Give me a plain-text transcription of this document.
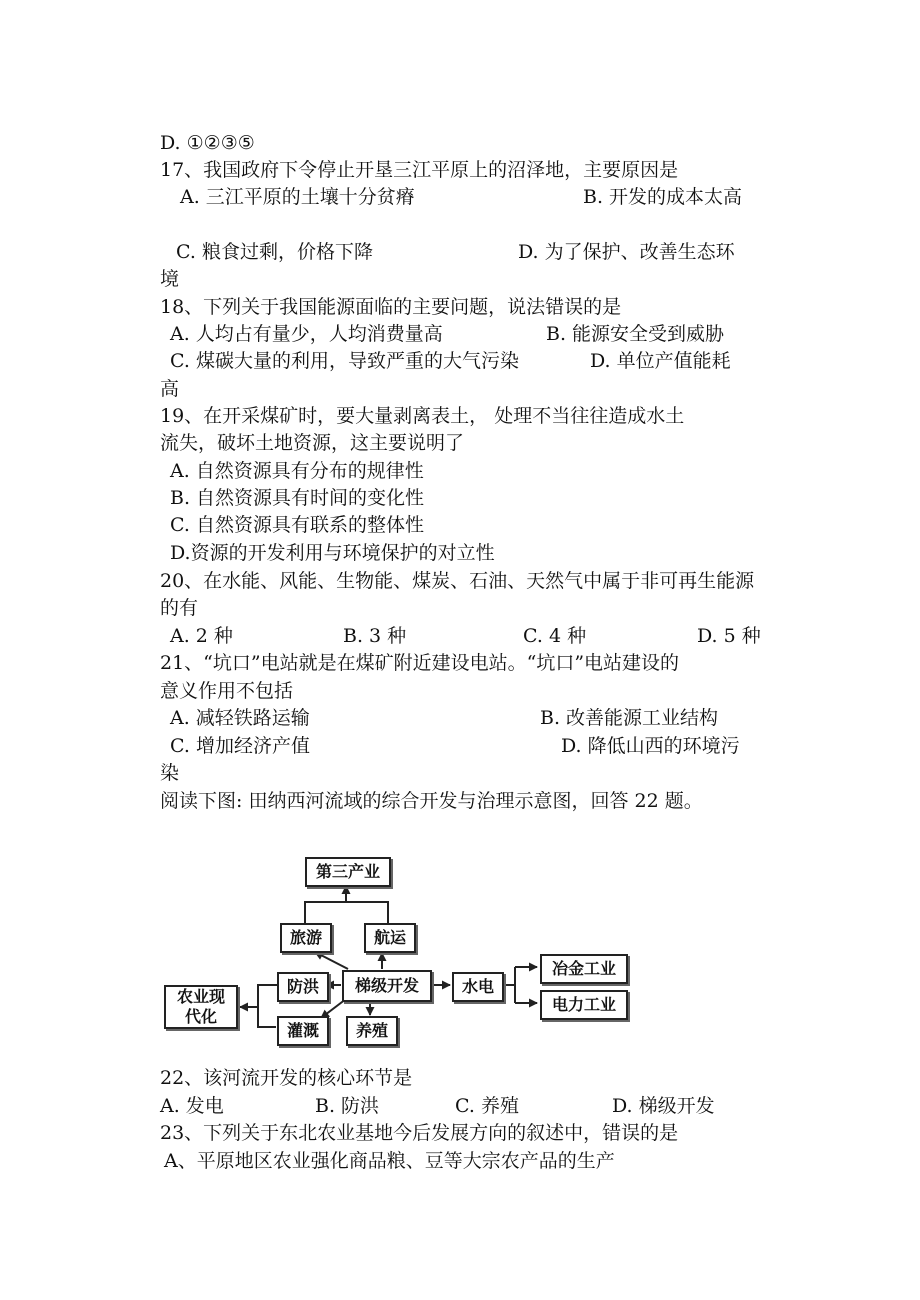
D. ①②③⑤
17、我国政府下令停止开垦三江平原上的沼泽地，主要原因是
A. 三江平原的土壤十分贫瘠	B. 开发的成本太高
C. 粮食过剩，价格下降	D. 为了保护、改善生态环
境
18、下列关于我国能源面临的主要问题，说法错误的是
A. 人均占有量少，人均消费量高	B. 能源安全受到威胁
C. 煤碳大量的利用，导致严重的大气污染	D. 单位产值能耗
高
19、在开采煤矿时，要大量剥离表土， 处理不当往往造成水土
流失，破坏土地资源，这主要说明了
A. 自然资源具有分布的规律性
B. 自然资源具有时间的变化性
C. 自然资源具有联系的整体性
D.资源的开发利用与环境保护的对立性
20、在水能、风能、生物能、煤炭、石油、天然气中属于非可再生能源
的有
A. 2 种	B. 3 种	C. 4 种	D. 5 种
21、“坑口”电站就是在煤矿附近建设电站。“坑口”电站建设的
意义作用不包括
A. 减轻铁路运输	B. 改善能源工业结构
C. 增加经济产值	D. 降低山西的环境污
染
阅读下图: 田纳西河流域的综合开发与治理示意图，回答 22 题。
第三产业
旅游	航运
防洪	梯级开发	水电
冶金工业
电力工业
农业现代化
灌溉	养殖
22、该河流开发的核心环节是
A. 发电	B. 防洪	C. 养殖	D. 梯级开发
23、下列关于东北农业基地今后发展方向的叙述中，错误的是
A、平原地区农业强化商品粮、豆等大宗农产品的生产
